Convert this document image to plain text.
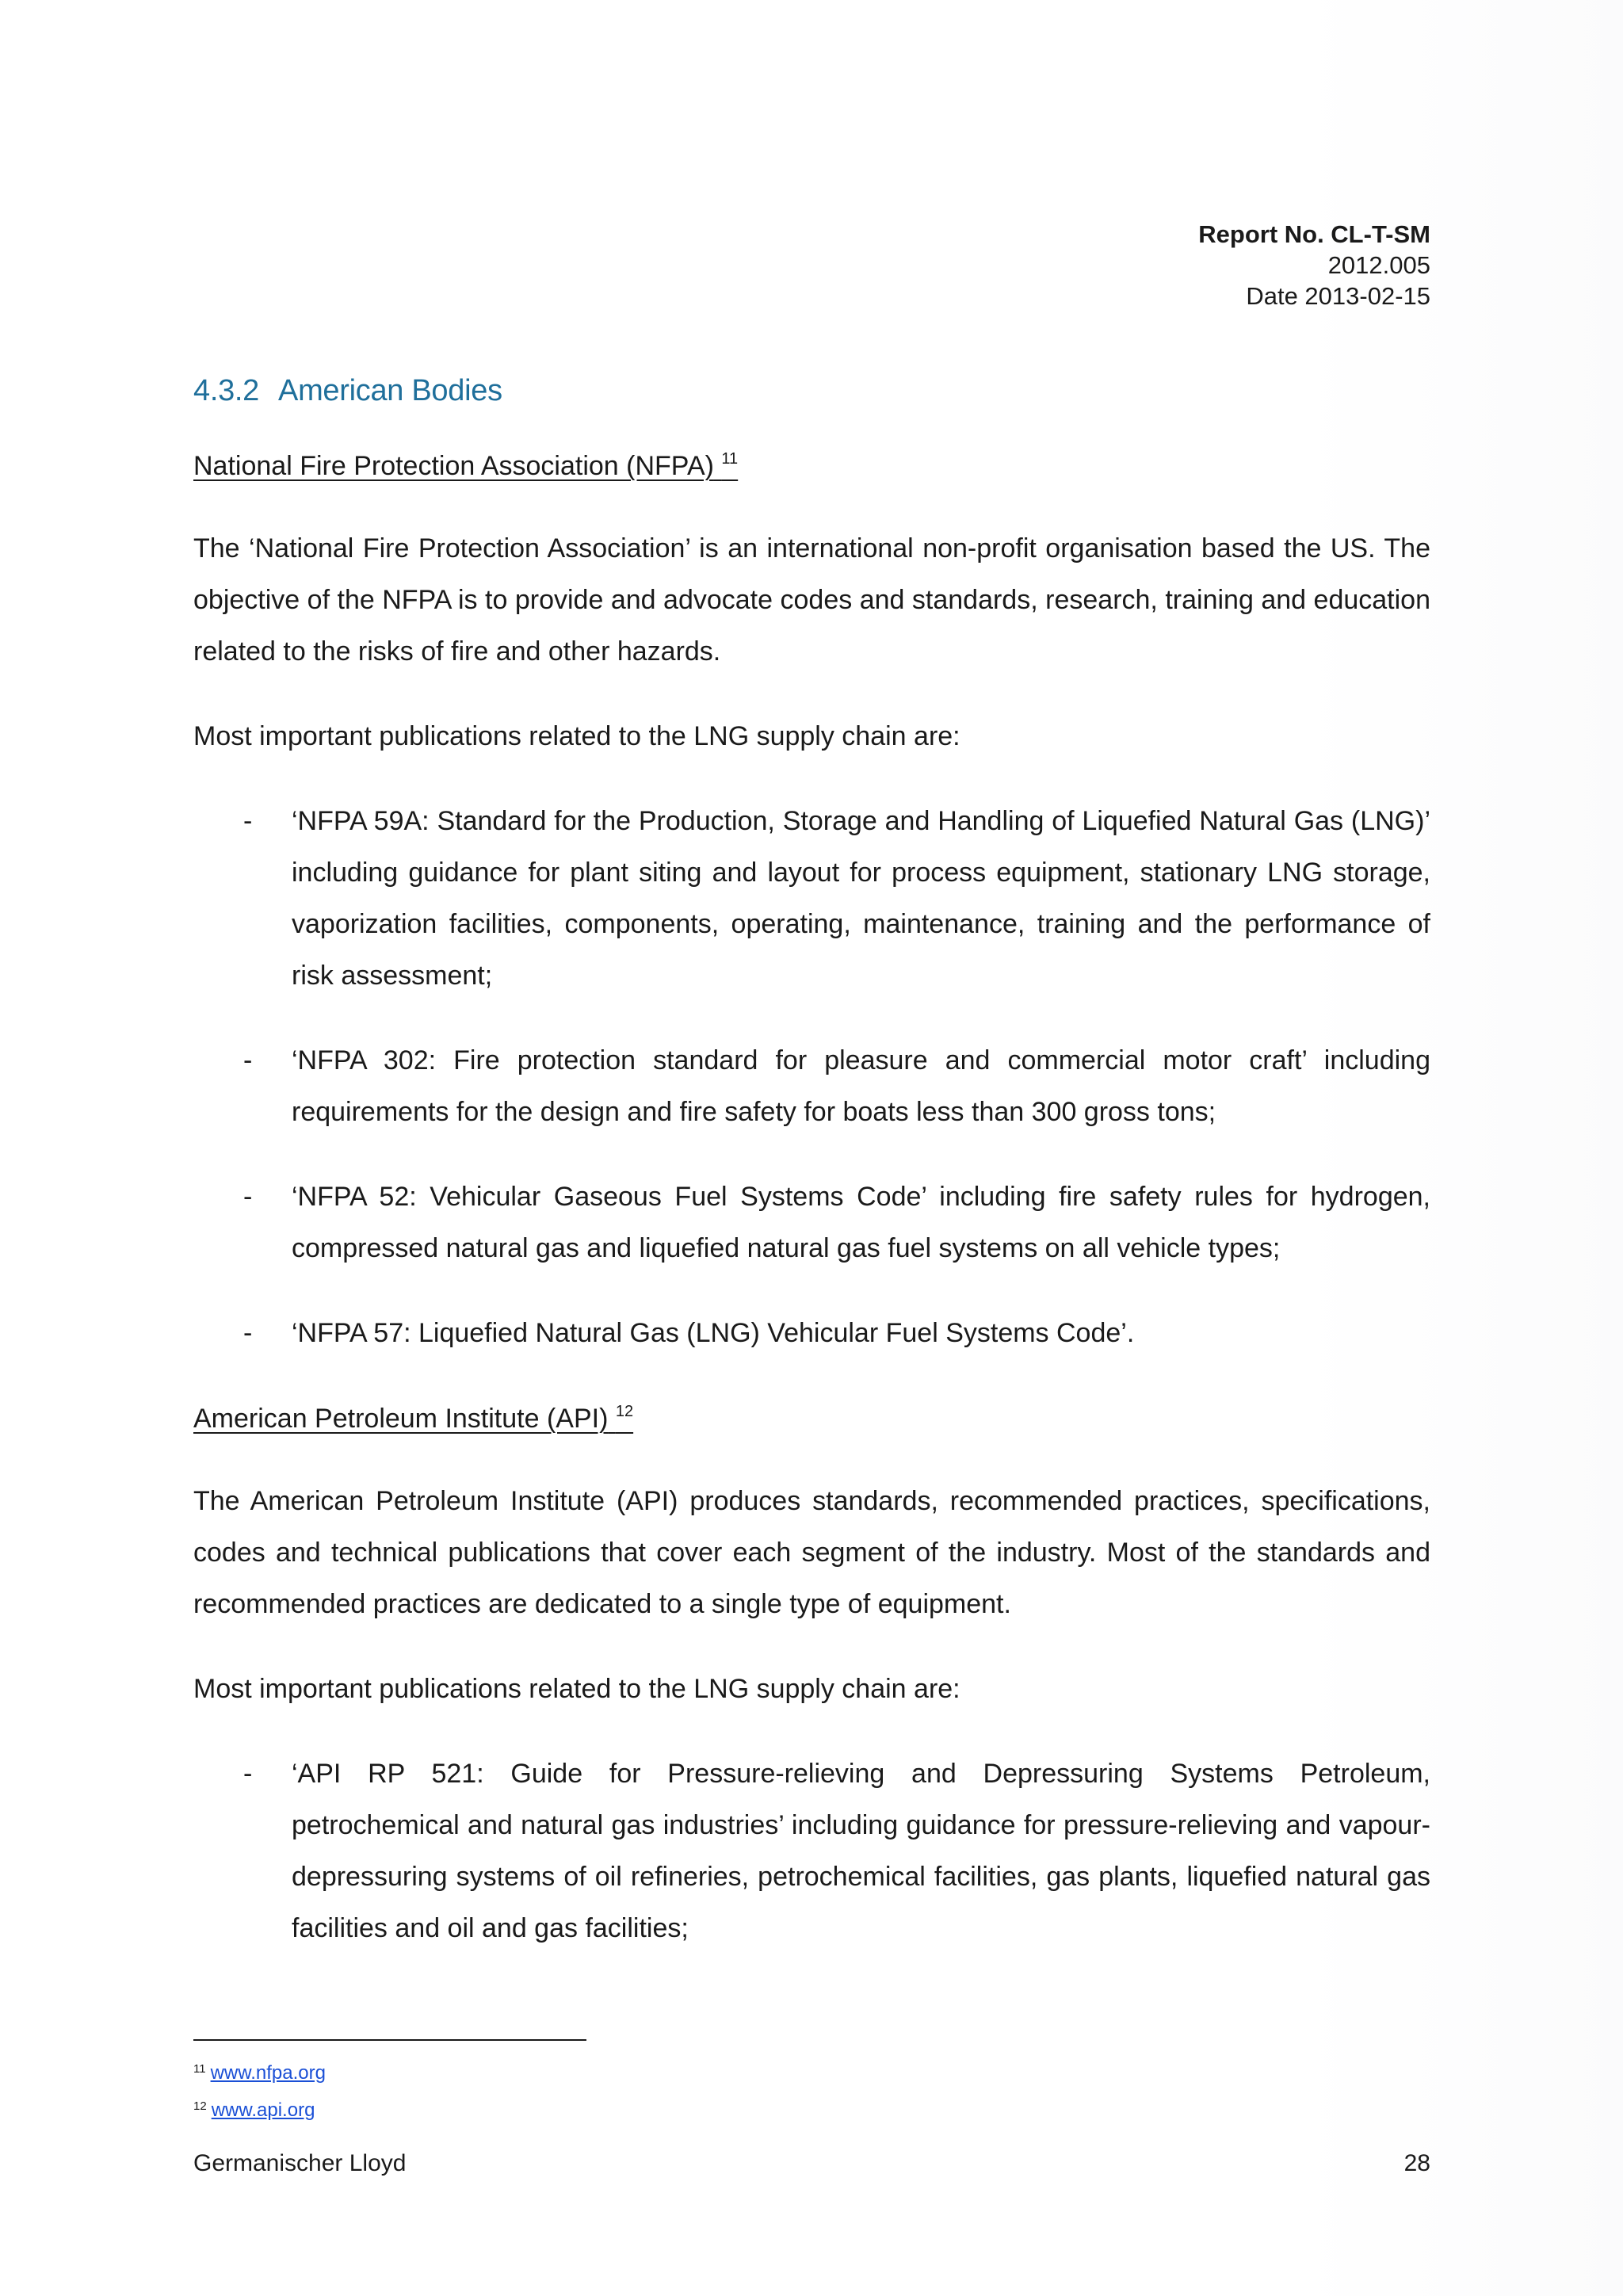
Report No. CL-T-SM
2012.005
Date 2013-02-15
4.3.2 American Bodies
National Fire Protection Association (NFPA) $^{11}$

The ‘National Fire Protection Association’ is an international non-profit organisation based the US. The objective of the NFPA is to provide and advocate codes and standards, research, training and education related to the risks of fire and other hazards.

Most important publications related to the LNG supply chain are:

- ‘NFPA 59A: Standard for the Production, Storage and Handling of Liquefied Natural Gas (LNG)’ including guidance for plant siting and layout for process equipment, stationary LNG storage, vaporization facilities, components, operating, maintenance, training and the performance of risk assessment;
- ‘NFPA 302: Fire protection standard for pleasure and commercial motor craft’ including requirements for the design and fire safety for boats less than 300 gross tons;
- ‘NFPA 52: Vehicular Gaseous Fuel Systems Code’ including fire safety rules for hydrogen, compressed natural gas and liquefied natural gas fuel systems on all vehicle types;
- ‘NFPA 57: Liquefied Natural Gas (LNG) Vehicular Fuel Systems Code’.
American Petroleum Institute (API) $^{12}$

The American Petroleum Institute (API) produces standards, recommended practices, specifications, codes and technical publications that cover each segment of the industry. Most of the standards and recommended practices are dedicated to a single type of equipment.

Most important publications related to the LNG supply chain are:

- ‘API RP 521: Guide for Pressure-relieving and Depressuring Systems Petroleum, petrochemical and natural gas industries’ including guidance for pressure-relieving and vapour-depressuring systems of oil refineries, petrochemical facilities, gas plants, liquefied natural gas facilities and oil and gas facilities;
$^{11}$ www.nfpa.org
$^{12}$ www.api.org
Germanischer Lloyd	28
